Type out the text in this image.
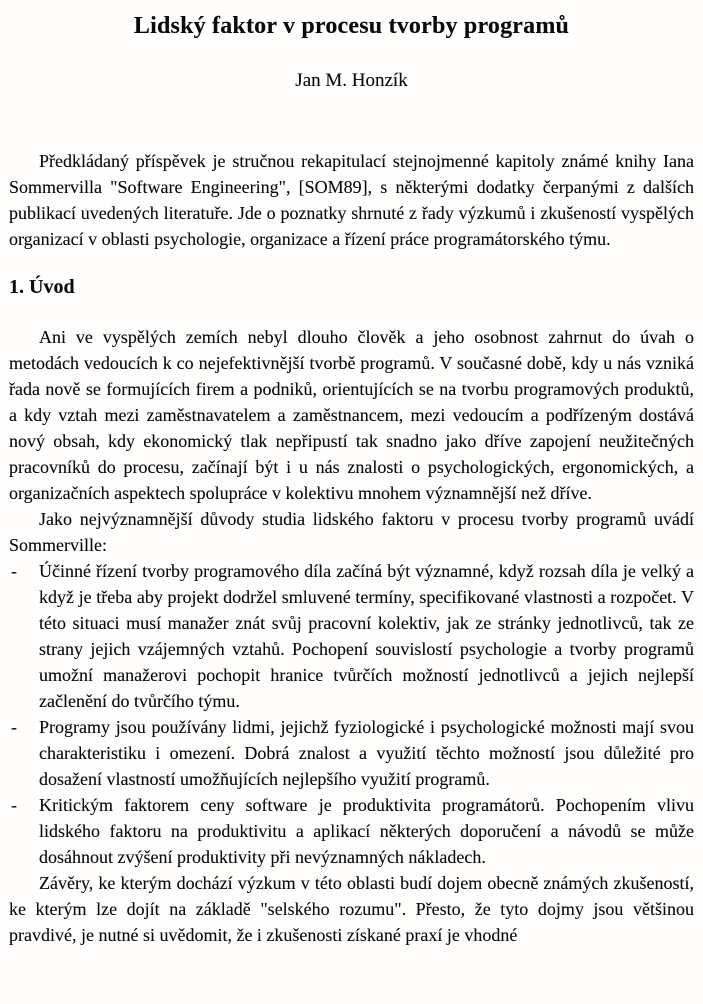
Lidský faktor v procesu tvorby programů
Jan M. Honzík

Předkládaný příspěvek je stručnou rekapitulací stejnojmenné kapitoly známé knihy Iana Sommervilla "Software Engineering", [SOM89], s některými dodatky čerpanými z dalších publikací uvedených literatuře. Jde o poznatky shrnuté z řady výzkumů i zkušeností vyspělých organizací v oblasti psychologie, organizace a řízení práce programátorského týmu.

1. Úvod

Ani ve vyspělých zemích nebyl dlouho člověk a jeho osobnost zahrnut do úvah o metodách vedoucích k co nejefektivnější tvorbě programů. V současné době, kdy u nás vzniká řada nově se formujících firem a podniků, orientujících se na tvorbu programových produktů, a kdy vztah mezi zaměstnavatelem a zaměstnancem, mezi vedoucím a podřízeným dostává nový obsah, kdy ekonomický tlak nepřipustí tak snadno jako dříve zapojení neužitečných pracovníků do procesu, začínají být i u nás znalosti o psychologických, ergonomických, a organizačních aspektech spolupráce v kolektivu mnohem významnější než dříve.

Jako nejvýznamnější důvody studia lidského faktoru v procesu tvorby programů uvádí Sommerville:

-	Účinné řízení tvorby programového díla začíná být významné, když rozsah díla je velký a když je třeba aby projekt dodržel smluvené termíny, specifikované vlastnosti a rozpočet. V této situaci musí manažer znát svůj pracovní kolektiv, jak ze stránky jednotlivců, tak ze strany jejich vzájemných vztahů. Pochopení souvislostí psychologie a tvorby programů umožní manažerovi pochopit hranice tvůrčích možností jednotlivců a jejich nejlepší začlenění do tvůrčího týmu.
-	Programy jsou používány lidmi, jejichž fyziologické i psychologické možnosti mají svou charakteristiku i omezení. Dobrá znalost a využití těchto možností jsou důležité pro dosažení vlastností umožňujících nejlepšího využití programů.
-	Kritickým faktorem ceny software je produktivita programátorů. Pochopením vlivu lidského faktoru na produktivitu a aplikací některých doporučení a návodů se může dosáhnout zvýšení produktivity při nevýznamných nákladech.

Závěry, ke kterým dochází výzkum v této oblasti budí dojem obecně známých zkušeností, ke kterým lze dojít na základě "selského rozumu". Přesto, že tyto dojmy jsou většinou pravdivé, je nutné si uvědomit, že i zkušenosti získané praxí je vhodné
